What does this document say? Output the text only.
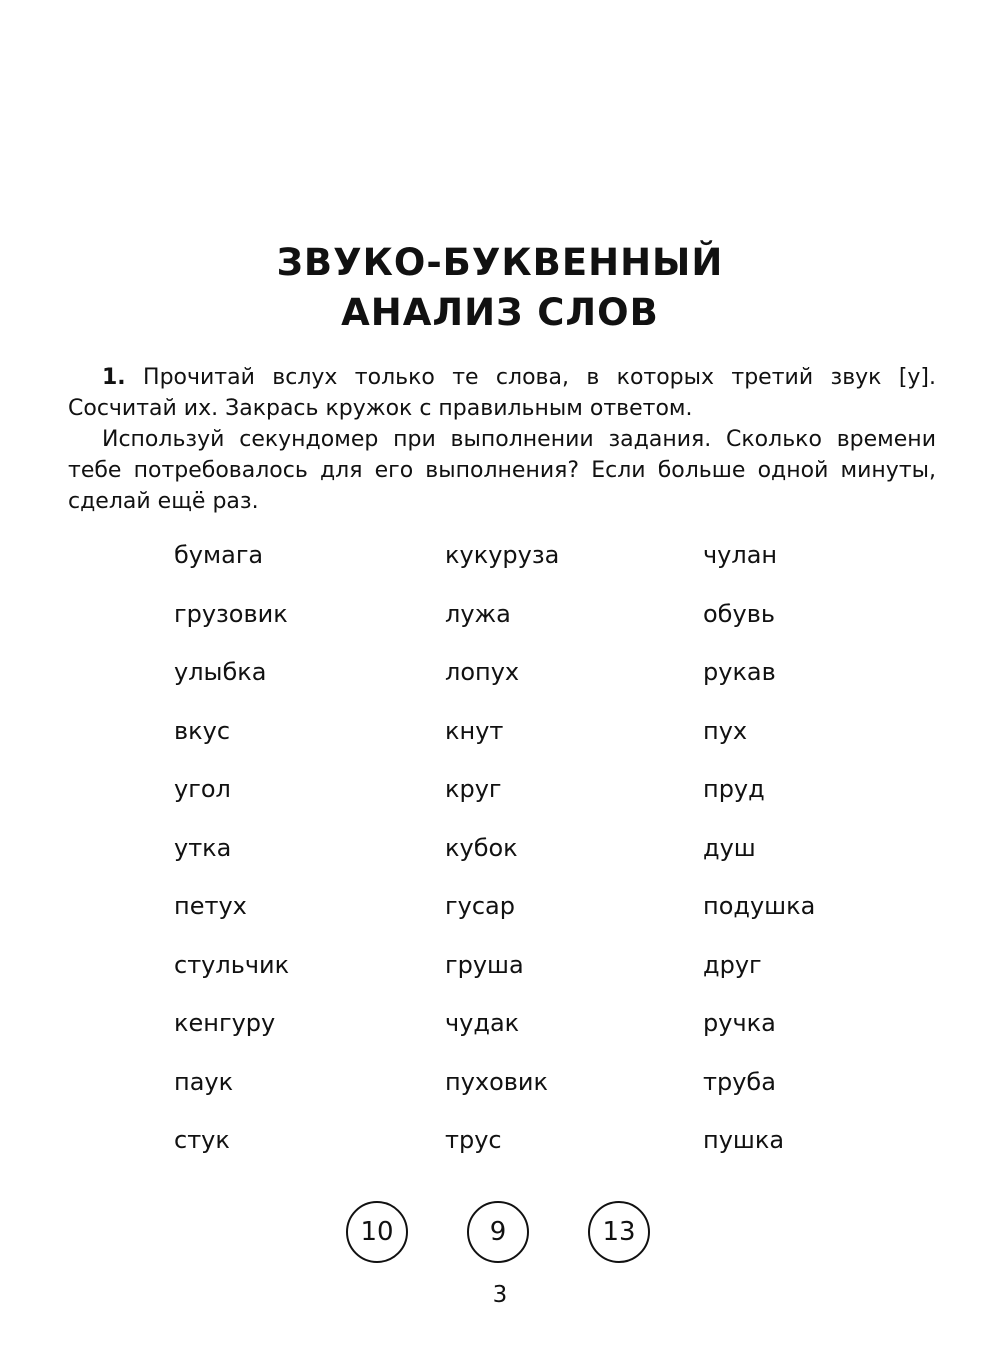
ЗВУКО-БУКВЕННЫЙ
АНАЛИЗ СЛОВ

1. Прочитай вслух только те слова, в которых третий звук [у]. Сосчитай их. Закрась кружок с правильным ответом.

Используй секундомер при выполнении задания. Сколько времени тебе потребовалось для его выполнения? Если больше одной минуты, сделай ещё раз.

бумага
грузовик
улыбка
вкус
угол
утка
петух
стульчик
кенгуру
паук
стук
кукуруза
лужа
лопух
кнут
круг
кубок
гусар
груша
чудак
пуховик
трус
чулан
обувь
рукав
пух
пруд
душ
подушка
друг
ручка
труба
пушка
10	9	13
3
